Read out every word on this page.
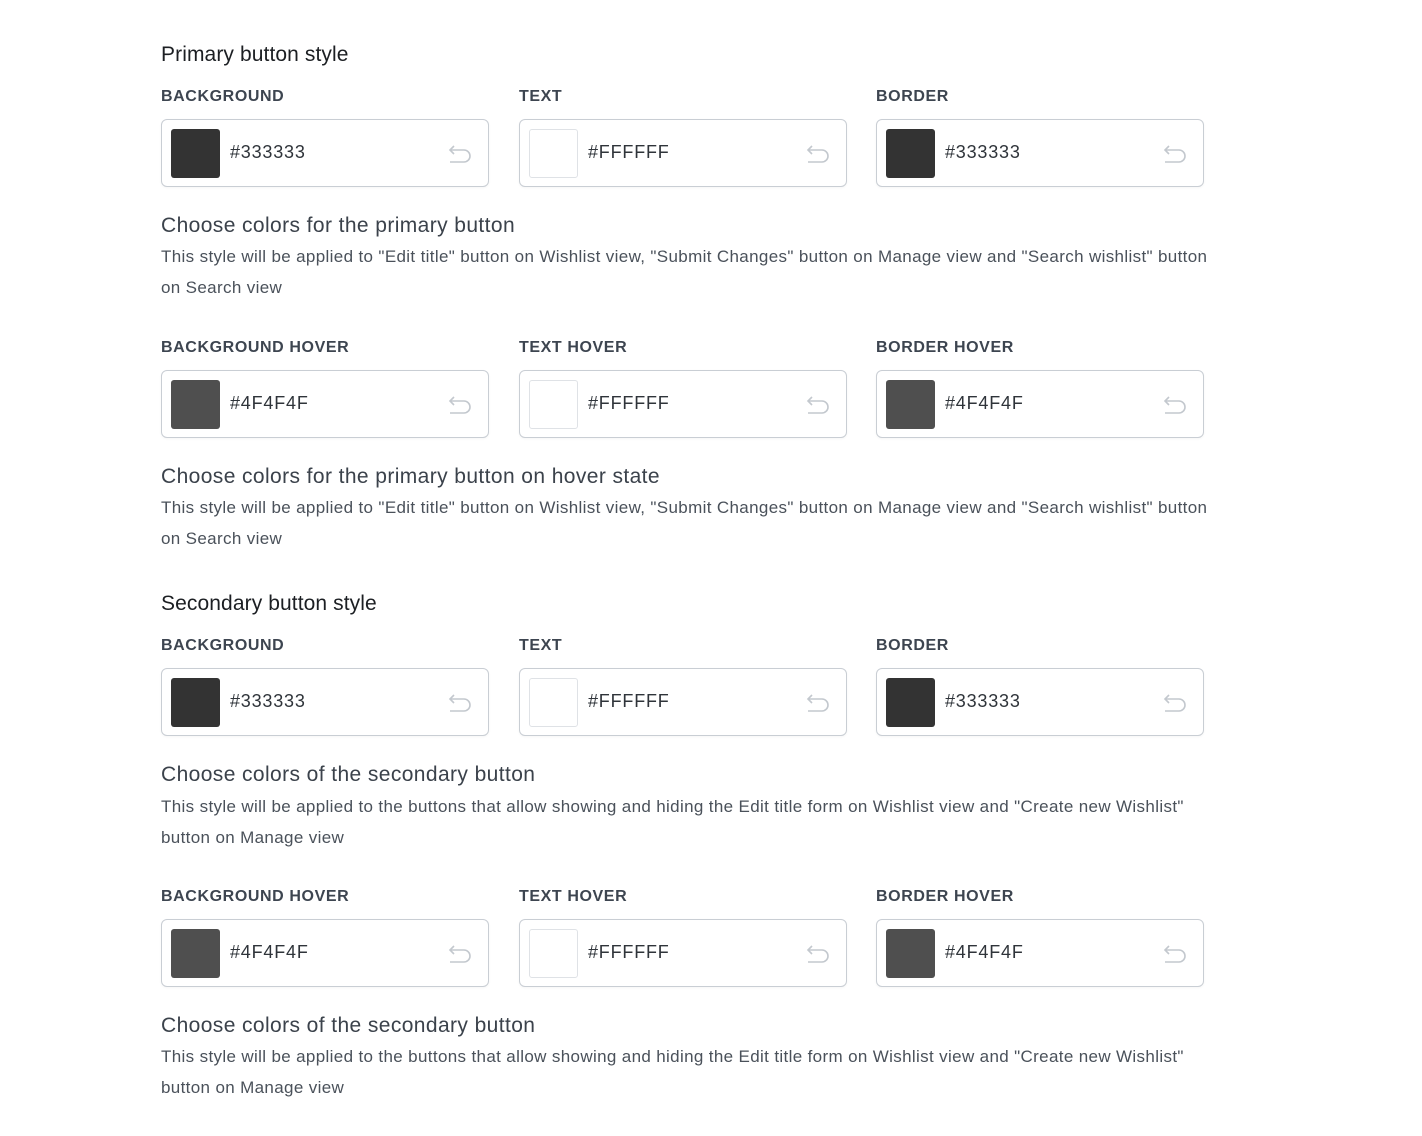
Primary button style
BACKGROUND
#333333
TEXT
#FFFFFF
BORDER
#333333
Choose colors for the primary button
This style will be applied to "Edit title" button on Wishlist view, "Submit Changes" button on Manage view and "Search wishlist" button on Search view
BACKGROUND HOVER
#4F4F4F
TEXT HOVER
#FFFFFF
BORDER HOVER
#4F4F4F
Choose colors for the primary button on hover state
This style will be applied to "Edit title" button on Wishlist view, "Submit Changes" button on Manage view and "Search wishlist" button on Search view
Secondary button style
BACKGROUND
#333333
TEXT
#FFFFFF
BORDER
#333333
Choose colors of the secondary button
This style will be applied to the buttons that allow showing and hiding the Edit title form on Wishlist view and "Create new Wishlist" button on Manage view
BACKGROUND HOVER
#4F4F4F
TEXT HOVER
#FFFFFF
BORDER HOVER
#4F4F4F
Choose colors of the secondary button
This style will be applied to the buttons that allow showing and hiding the Edit title form on Wishlist view and "Create new Wishlist" button on Manage view
